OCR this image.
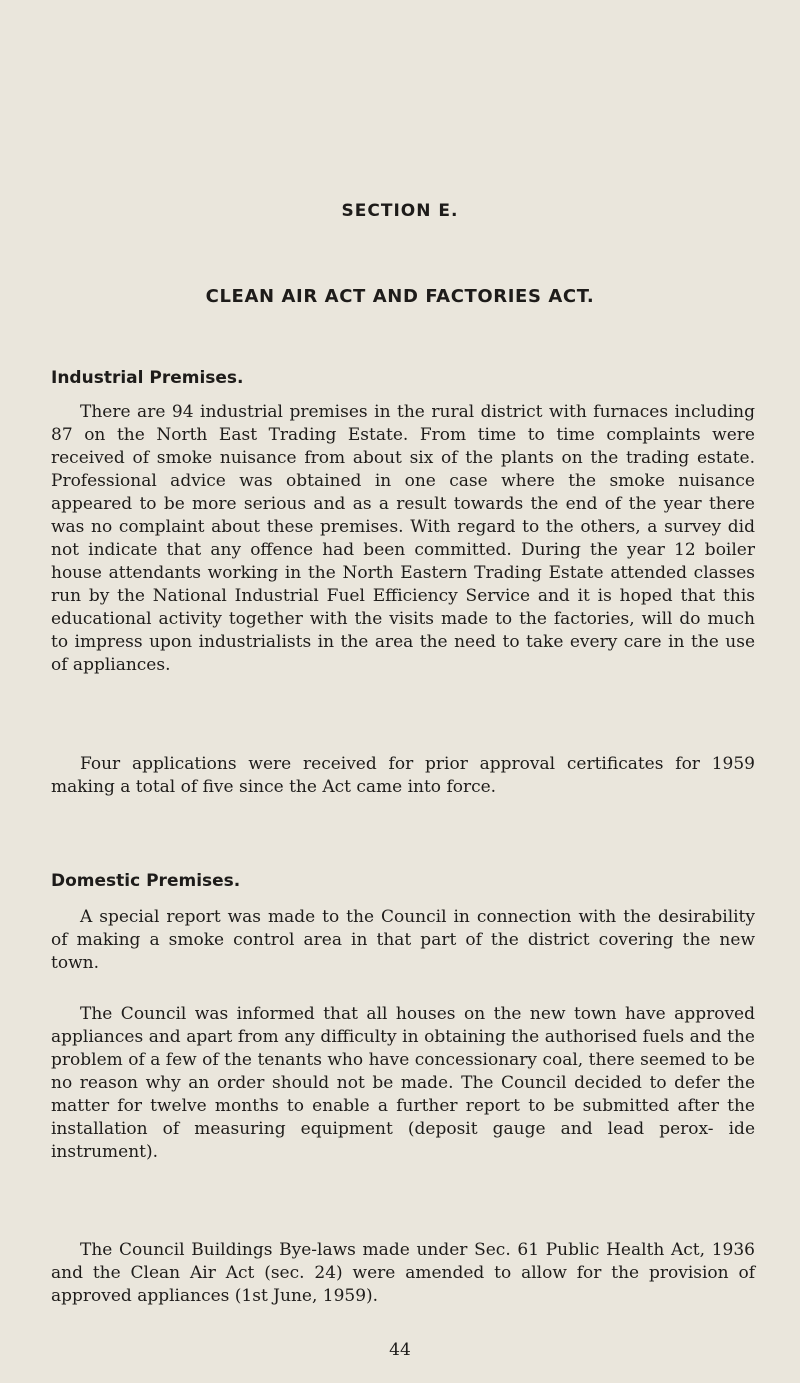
SECTION E.
CLEAN AIR ACT AND FACTORIES ACT.
Industrial Premises.

There are 94 industrial premises in the rural district with furnaces including 87 on the North East Trading Estate. From time to time complaints were received of smoke nuisance from about six of the plants on the trading estate. Professional advice was obtained in one case where the smoke nuisance appeared to be more serious and as a result towards the end of the year there was no complaint about these premises. With regard to the others, a survey did not indicate that any offence had been committed. During the year 12 boiler house attendants working in the North Eastern Trading Estate attended classes run by the National Industrial Fuel Efficiency Service and it is hoped that this educational activity together with the visits made to the factories, will do much to impress upon industrialists in the area the need to take every care in the use of appliances.

Four applications were received for prior approval certificates for 1959 making a total of five since the Act came into force.

Domestic Premises.

A special report was made to the Council in connection with the desirability of making a smoke control area in that part of the district covering the new town.

The Council was informed that all houses on the new town have approved appliances and apart from any difficulty in obtaining the authorised fuels and the problem of a few of the tenants who have concessionary coal, there seemed to be no reason why an order should not be made. The Council decided to defer the matter for twelve months to enable a further report to be submitted after the installation of measuring equipment (deposit gauge and lead perox- ide instrument).

The Council Buildings Bye-laws made under Sec. 61 Public Health Act, 1936 and the Clean Air Act (sec. 24) were amended to allow for the provision of approved appliances (1st June, 1959).

44
